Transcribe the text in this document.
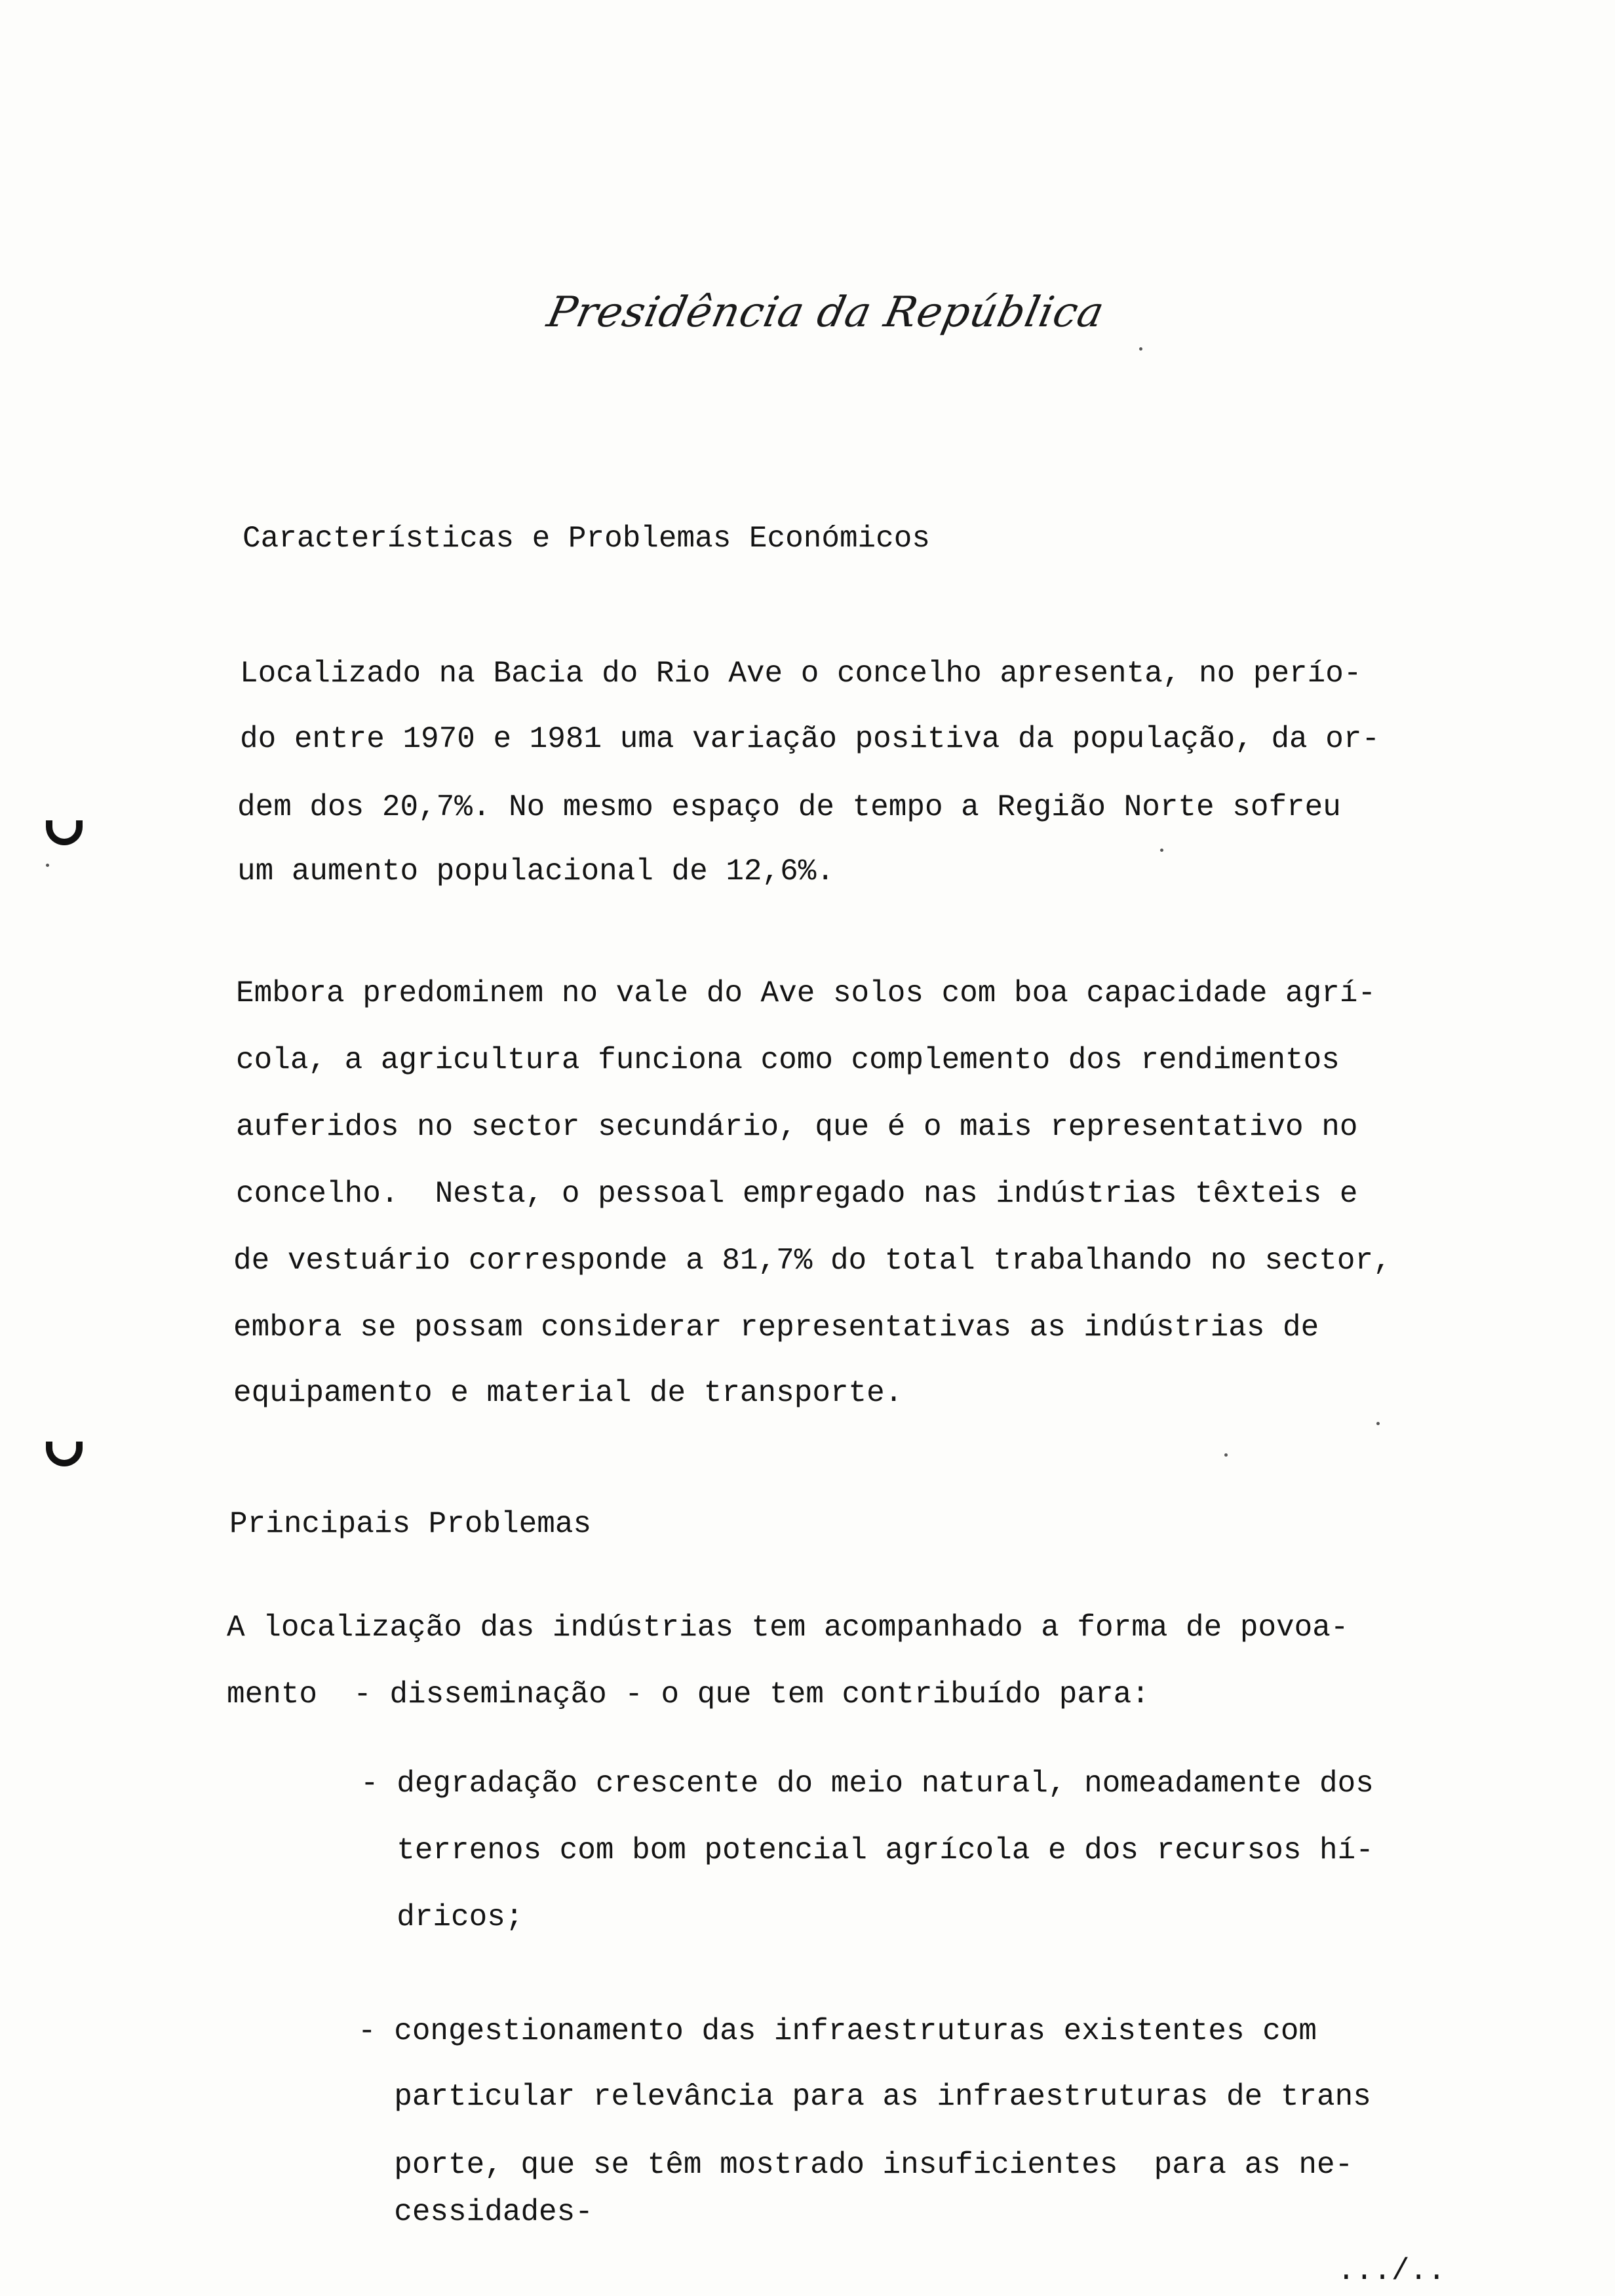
Presidência da República

Características e Problemas Económicos

Localizado na Bacia do Rio Ave o concelho apresenta, no perío-

do entre 1970 e 1981 uma variação positiva da população, da or-

dem dos 20,7%. No mesmo espaço de tempo a Região Norte sofreu

um aumento populacional de 12,6%.

Embora predominem no vale do Ave solos com boa capacidade agrí-

cola, a agricultura funciona como complemento dos rendimentos

auferidos no sector secundário, que é o mais representativo no

concelho.  Nesta, o pessoal empregado nas indústrias têxteis e

de vestuário corresponde a 81,7% do total trabalhando no sector,

embora se possam considerar representativas as indústrias de

equipamento e material de transporte.

Principais Problemas

A localização das indústrias tem acompanhado a forma de povoa-

mento  - disseminação - o que tem contribuído para:

- degradação crescente do meio natural, nomeadamente dos

terrenos com bom potencial agrícola e dos recursos hí-

dricos;

- congestionamento das infraestruturas existentes com

particular relevância para as infraestruturas de trans

porte, que se têm mostrado insuficientes  para as ne-

cessidades-

.../..
